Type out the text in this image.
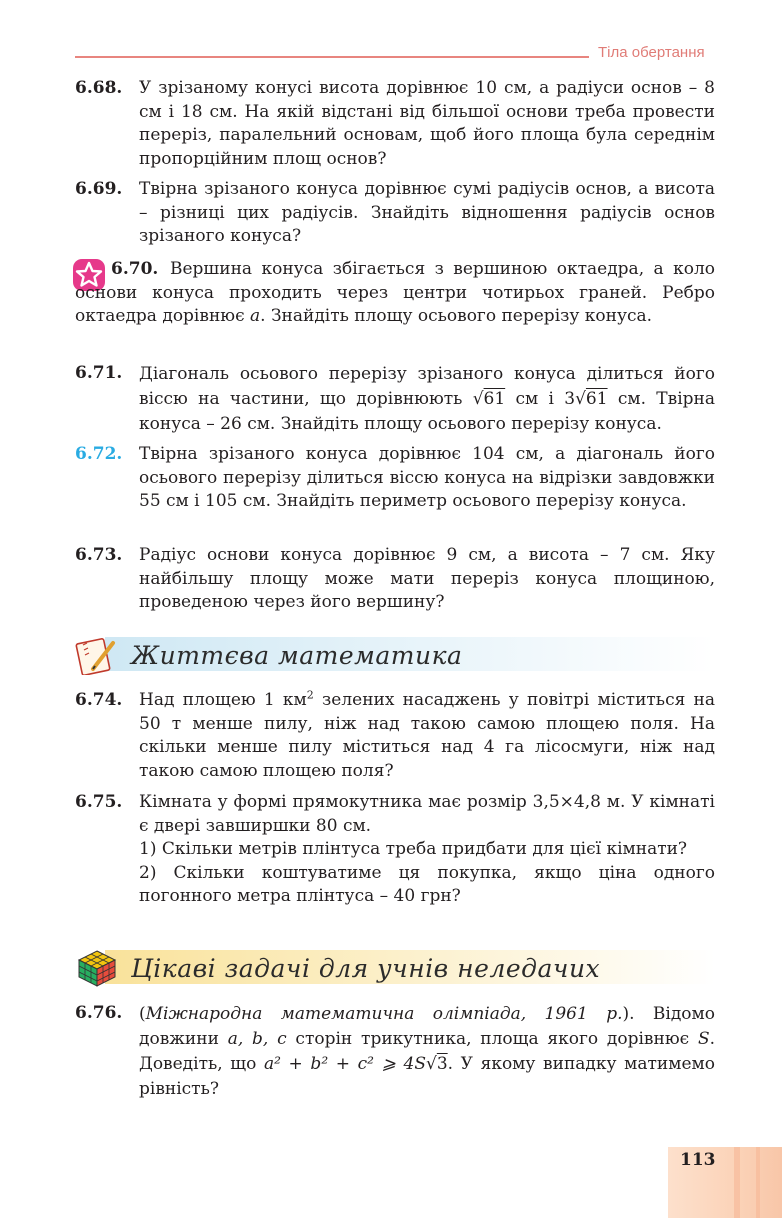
Тіла обертання
6.68. У зрізаному конусі висота дорівнює 10 см, а радіуси основ – 8 см і 18 см. На якій відстані від більшої основи треба провести переріз, паралельний основам, щоб його площа була середнім пропорційним площ основ?
6.69. Твірна зрізаного конуса дорівнює сумі радіусів основ, а висота – різниці цих радіусів. Знайдіть відношення радіусів основ зрізаного конуса?
6.70. Вершина конуса збігається з вершиною октаедра, а коло основи конуса проходить через центри чотирьох граней. Ребро октаедра дорівнює a. Знайдіть площу осьового перерізу конуса.
6.71. Діагональ осьового перерізу зрізаного конуса ділиться його віссю на частини, що дорівнюють √61 см і 3√61 см. Твірна конуса – 26 см. Знайдіть площу осьового перерізу конуса.
6.72. Твірна зрізаного конуса дорівнює 104 см, а діагональ його осьового перерізу ділиться віссю конуса на відрізки завдовжки 55 см і 105 см. Знайдіть периметр осьового перерізу конуса.
6.73. Радіус основи конуса дорівнює 9 см, а висота – 7 см. Яку найбільшу площу може мати переріз конуса площиною, проведеною через його вершину?
Життєва математика
6.74. Над площею 1 $км^2$ зелених насаджень у повітрі міститься на 50 т менше пилу, ніж над такою самою площею поля. На скільки менше пилу міститься над 4 га лісосмуги, ніж над такою самою площею поля?
6.75. Кімната у формі прямокутника має розмір 3,5×4,8 м. У кімнаті є двері завширшки 80 см.
1) Скільки метрів плінтуса треба придбати для цієї кімнати?
2) Скільки коштуватиме ця покупка, якщо ціна одного погонного метра плінтуса – 40 грн?
Цікаві задачі для учнів неледачих
6.76. (Міжнародна математична олімпіада, 1961 р.). Відомо довжини a, b, c сторін трикутника, площа якого дорівнює S. Доведіть, що a² + b² + c² ⩾ 4S√3. У якому випадку матимемо рівність?
113
